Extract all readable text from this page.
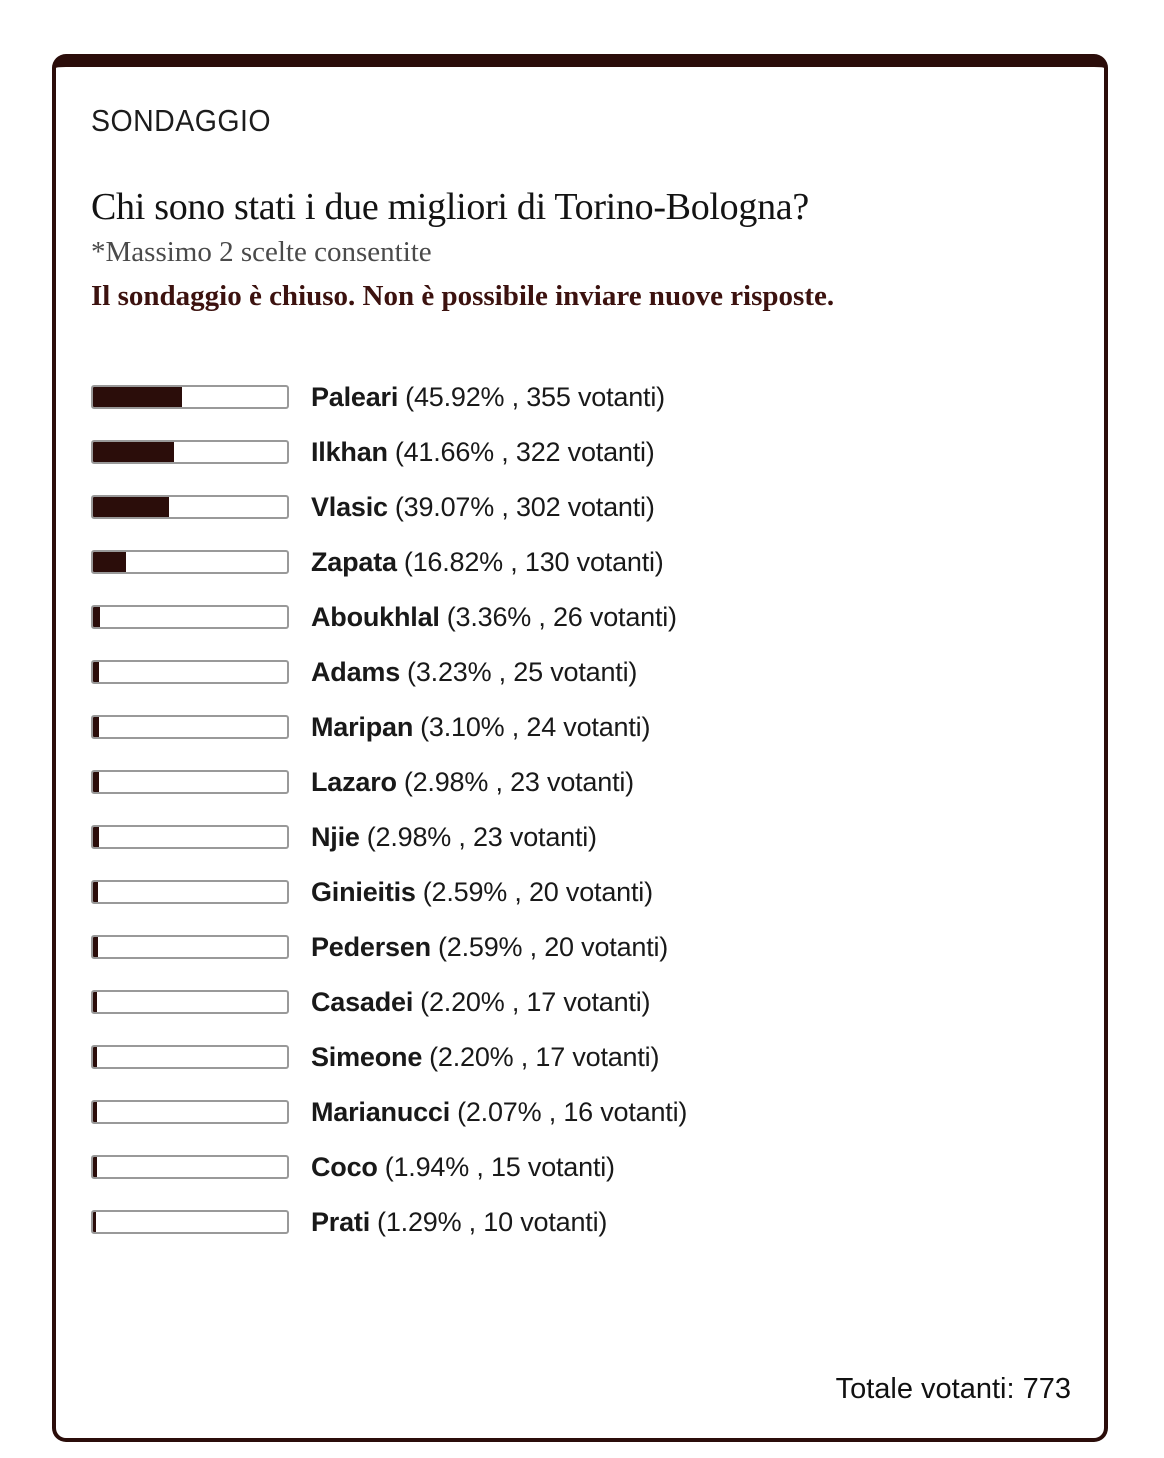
SONDAGGIO
Chi sono stati i due migliori di Torino-Bologna?
*Massimo 2 scelte consentite
Il sondaggio è chiuso. Non è possibile inviare nuove risposte.
Paleari (45.92% , 355 votanti)
Ilkhan (41.66% , 322 votanti)
Vlasic (39.07% , 302 votanti)
Zapata (16.82% , 130 votanti)
Aboukhlal (3.36% , 26 votanti)
Adams (3.23% , 25 votanti)
Maripan (3.10% , 24 votanti)
Lazaro (2.98% , 23 votanti)
Njie (2.98% , 23 votanti)
Ginieitis (2.59% , 20 votanti)
Pedersen (2.59% , 20 votanti)
Casadei (2.20% , 17 votanti)
Simeone (2.20% , 17 votanti)
Marianucci (2.07% , 16 votanti)
Coco (1.94% , 15 votanti)
Prati (1.29% , 10 votanti)
Totale votanti: 773
